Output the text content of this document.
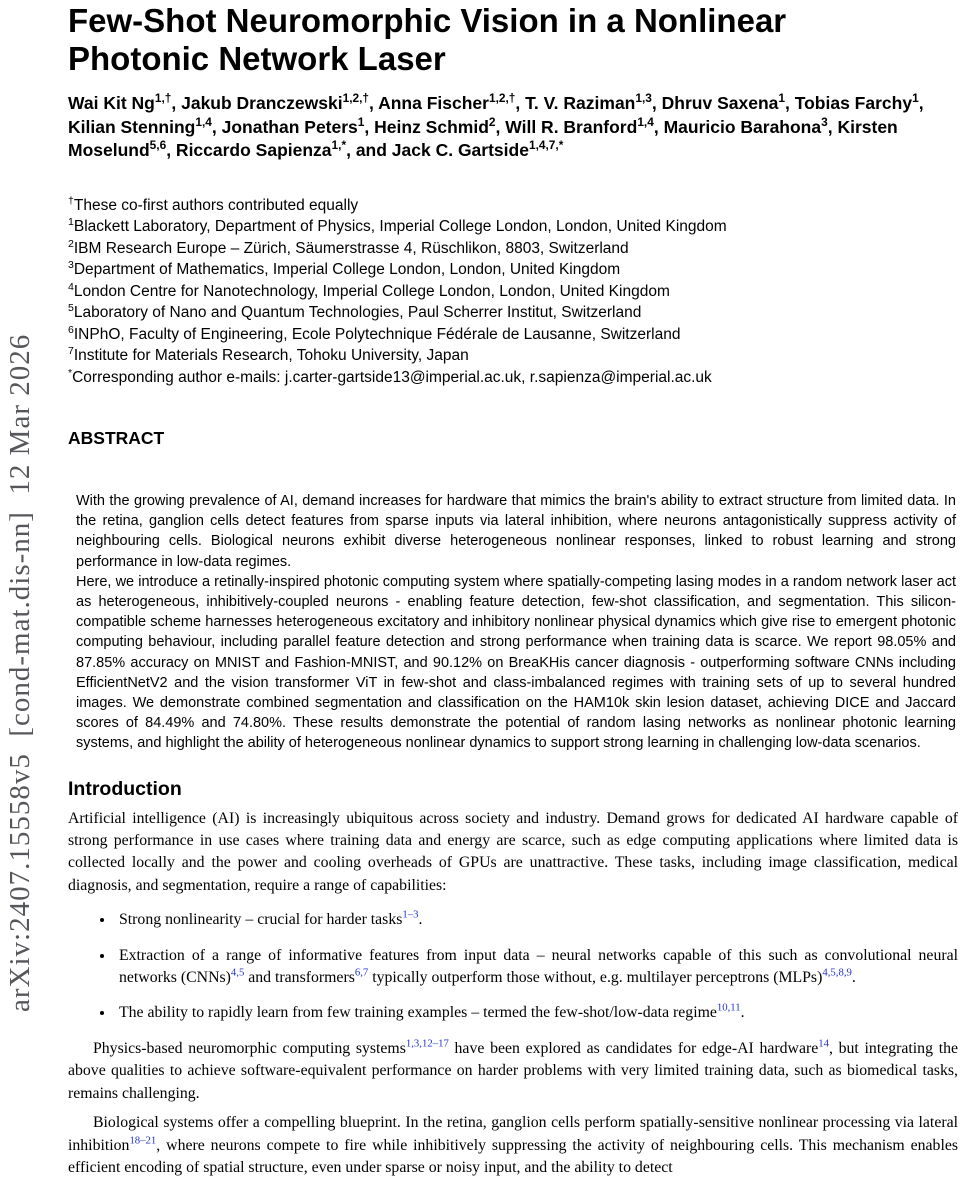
arXiv:2407.15558v5  [cond-mat.dis-nn]  12 Mar 2026
Few-Shot Neuromorphic Vision in a Nonlinear
Photonic Network Laser
Wai Kit $Ng^{1,\dagger}$, Jakub Dranczewski$^{1,2,\dagger}$, Anna Fischer$^{1,2,\dagger}$, T. V. Raziman$^{1,3}$, Dhruv Saxena$^1$, Tobias Farchy$^1$, Kilian Stenning$^{1,4}$, Jonathan Peters$^1$, Heinz Schmid$^2$, Will R. Branford$^{1,4}$, Mauricio Barahona$^3$, Kirsten Moselund$^{5,6}$, Riccardo Sapienza$^{1,*}$, and Jack C. Gartside$^{1,4,7,*}$
†These co-first authors contributed equally
$^1$Blackett Laboratory, Department of Physics, Imperial College London, London, United Kingdom
$^2$IBM Research Europe – Zürich, Säumerstrasse 4, Rüschlikon, 8803, Switzerland
$^3$Department of Mathematics, Imperial College London, London, United Kingdom
$^4$London Centre for Nanotechnology, Imperial College London, London, United Kingdom
$^5$Laboratory of Nano and Quantum Technologies, Paul Scherrer Institut, Switzerland
$^6$INPhO, Faculty of Engineering, Ecole Polytechnique Fédérale de Lausanne, Switzerland
$^7$Institute for Materials Research, Tohoku University, Japan
*Corresponding author e-mails: j.carter-gartside13@imperial.ac.uk, r.sapienza@imperial.ac.uk
ABSTRACT

With the growing prevalence of AI, demand increases for hardware that mimics the brain's ability to extract structure from limited data. In the retina, ganglion cells detect features from sparse inputs via lateral inhibition, where neurons antagonistically suppress activity of neighbouring cells. Biological neurons exhibit diverse heterogeneous nonlinear responses, linked to robust learning and strong performance in low-data regimes.

Here, we introduce a retinally-inspired photonic computing system where spatially-competing lasing modes in a random network laser act as heterogeneous, inhibitively-coupled neurons - enabling feature detection, few-shot classification, and segmentation. This silicon-compatible scheme harnesses heterogeneous excitatory and inhibitory nonlinear physical dynamics which give rise to emergent photonic computing behaviour, including parallel feature detection and strong performance when training data is scarce. We report 98.05% and 87.85% accuracy on MNIST and Fashion-MNIST, and 90.12% on BreaKHis cancer diagnosis - outperforming software CNNs including EfficientNetV2 and the vision transformer ViT in few-shot and class-imbalanced regimes with training sets of up to several hundred images. We demonstrate combined segmentation and classification on the HAM10k skin lesion dataset, achieving DICE and Jaccard scores of 84.49% and 74.80%. These results demonstrate the potential of random lasing networks as nonlinear photonic learning systems, and highlight the ability of heterogeneous nonlinear dynamics to support strong learning in challenging low-data scenarios.

Introduction

Artificial intelligence (AI) is increasingly ubiquitous across society and industry. Demand grows for dedicated AI hardware capable of strong performance in use cases where training data and energy are scarce, such as edge computing applications where limited data is collected locally and the power and cooling overheads of GPUs are unattractive. These tasks, including image classification, medical diagnosis, and segmentation, require a range of capabilities:

• Strong nonlinearity – crucial for harder tasks$^{1-3}$.
• Extraction of a range of informative features from input data – neural networks capable of this such as convolutional neural networks (CNNs)$^{4,5}$ and transformers$^{6,7}$ typically outperform those without, e.g. multilayer perceptrons (MLPs)$^{4,5,8,9}$.
• The ability to rapidly learn from few training examples – termed the few-shot/low-data regime$^{10,11}$.

Physics-based neuromorphic computing systems$^{1,3,12-17}$ have been explored as candidates for edge-AI hardware$^{14}$, but integrating the above qualities to achieve software-equivalent performance on harder problems with very limited training data, such as biomedical tasks, remains challenging.

Biological systems offer a compelling blueprint. In the retina, ganglion cells perform spatially-sensitive nonlinear processing via lateral inhibition$^{18-21}$, where neurons compete to fire while inhibitively suppressing the activity of neighbouring cells. This mechanism enables efficient encoding of spatial structure, even under sparse or noisy input, and the ability to detect
